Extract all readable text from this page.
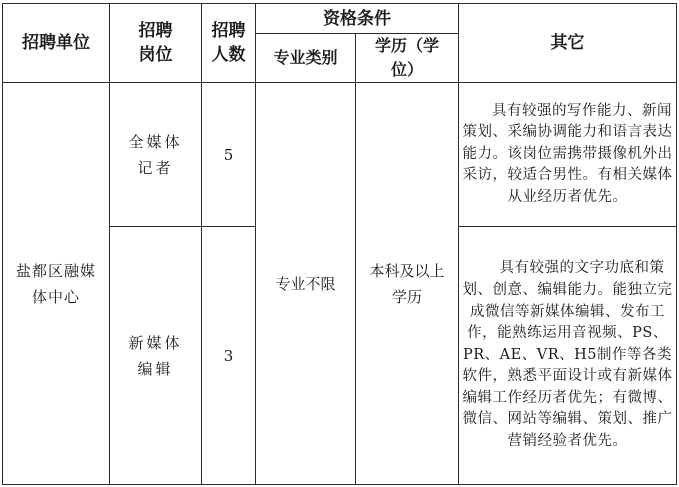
招聘单位	招聘岗位	招聘人数	资格条件		其它
			专业类别	学历（学位）	
盐都区融媒体中心	全媒体记者	5	专业不限	本科及以上学历	具有较强的写作能力、新闻策划、采编协调能力和语言表达能力。该岗位需携带摄像机外出采访，较适合男性。有相关媒体从业经历者优先。

	新媒体编辑	3			具有较强的文字功底和策划、创意、编辑能力。能独立完成微信等新媒体编辑、发布工作，能熟练运用音视频、PS、PR、AE、VR、H5制作等各类软件，熟悉平面设计或有新媒体编辑工作经历者优先；有微博、微信、网站等编辑、策划、推广营销经验者优先。
